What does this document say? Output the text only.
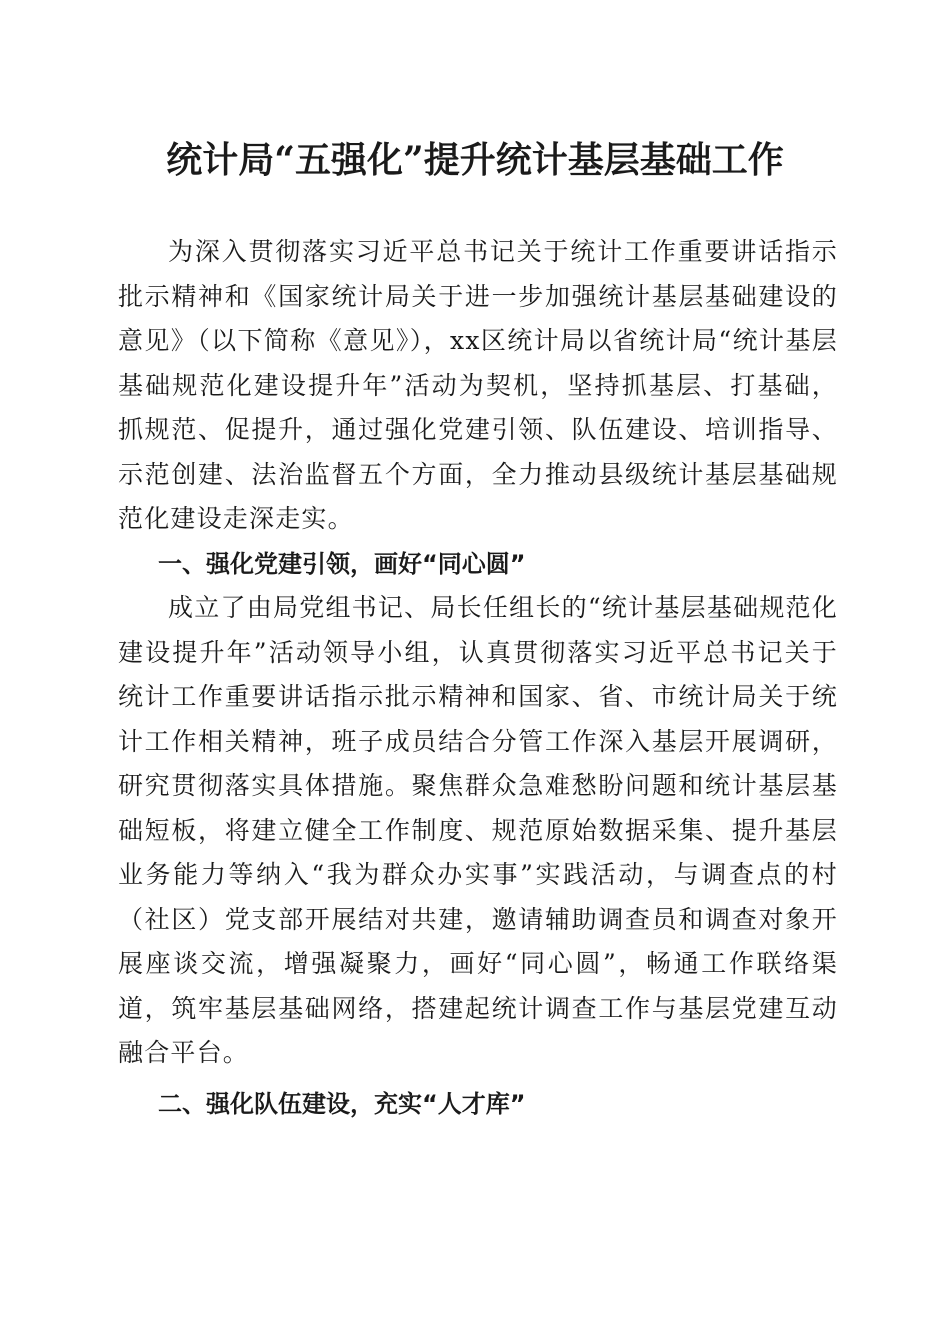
统计局“五强化”提升统计基层基础工作

为深入贯彻落实习近平总书记关于统计工作重要讲话指示批示精神和《国家统计局关于进一步加强统计基层基础建设的意见》（以下简称《意见》），xx区统计局以省统计局“统计基层基础规范化建设提升年”活动为契机，坚持抓基层、打基础，抓规范、促提升，通过强化党建引领、队伍建设、培训指导、示范创建、法治监督五个方面，全力推动县级统计基层基础规范化建设走深走实。

一、强化党建引领，画好“同心圆”

成立了由局党组书记、局长任组长的“统计基层基础规范化建设提升年”活动领导小组，认真贯彻落实习近平总书记关于统计工作重要讲话指示批示精神和国家、省、市统计局关于统计工作相关精神，班子成员结合分管工作深入基层开展调研，研究贯彻落实具体措施。聚焦群众急难愁盼问题和统计基层基础短板，将建立健全工作制度、规范原始数据采集、提升基层业务能力等纳入“我为群众办实事”实践活动，与调查点的村（社区）党支部开展结对共建，邀请辅助调查员和调查对象开展座谈交流，增强凝聚力，画好“同心圆”，畅通工作联络渠道，筑牢基层基础网络，搭建起统计调查工作与基层党建互动融合平台。

二、强化队伍建设，充实“人才库”
